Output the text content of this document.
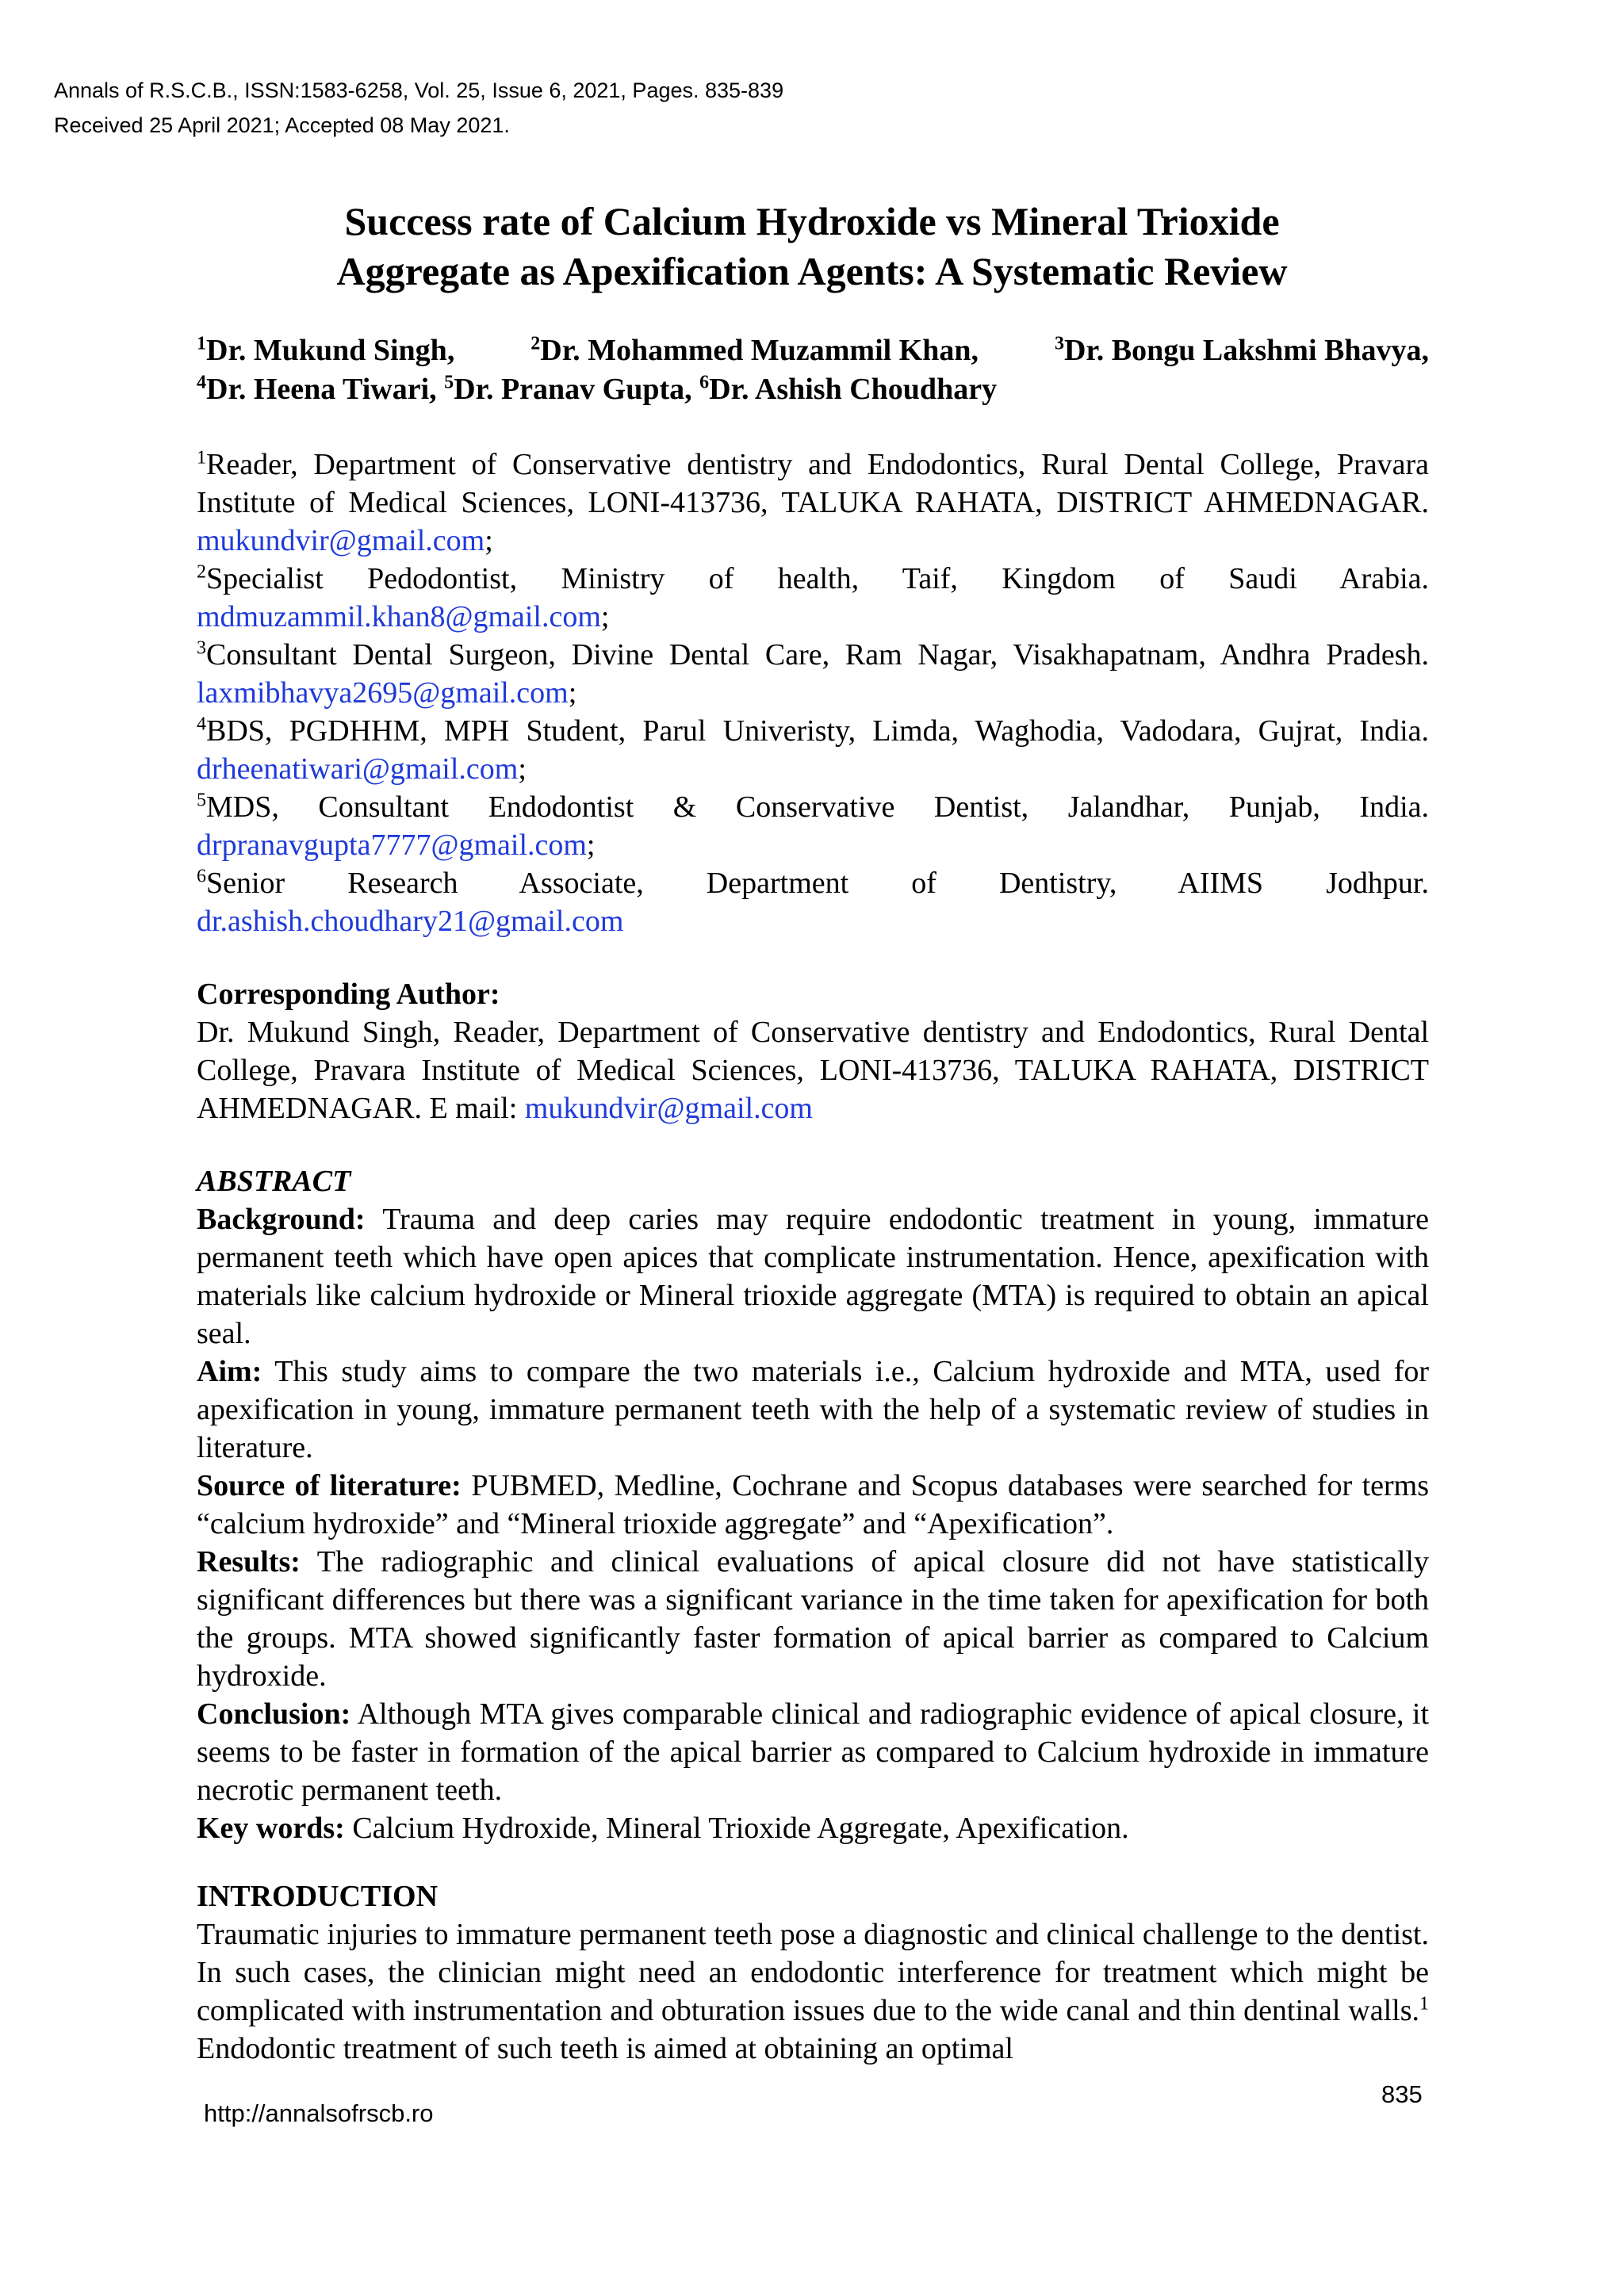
Annals of R.S.C.B., ISSN:1583-6258, Vol. 25, Issue 6, 2021, Pages. 835-839
Received 25 April 2021; Accepted 08 May 2021.
Success rate of Calcium Hydroxide vs Mineral Trioxide
Aggregate as Apexification Agents: A Systematic Review
$^1$Dr. Mukund Singh,	$^2$Dr. Mohammed Muzammil Khan,	$^3$Dr. Bongu Lakshmi Bhavya,
$^4$Dr. Heena Tiwari, $^5$Dr. Pranav Gupta, $^6$Dr. Ashish Choudhary

$^1$Reader, Department of Conservative dentistry and Endodontics, Rural Dental College, Pravara Institute of Medical Sciences, LONI-413736, TALUKA RAHATA, DISTRICT AHMEDNAGAR. mukundvir@gmail.com;

$^2$Specialist Pedodontist, Ministry of health, Taif, Kingdom of Saudi Arabia. mdmuzammil.khan8@gmail.com;

$^3$Consultant Dental Surgeon, Divine Dental Care, Ram Nagar, Visakhapatnam, Andhra Pradesh. laxmibhavya2695@gmail.com;

$^4$BDS, PGDHHM, MPH Student, Parul Univeristy, Limda, Waghodia, Vadodara, Gujrat, India. drheenatiwari@gmail.com;

$^5$MDS, Consultant Endodontist & Conservative Dentist, Jalandhar, Punjab, India. drpranavgupta7777@gmail.com;

$^6$Senior Research Associate, Department of Dentistry, AIIMS Jodhpur. dr.ashish.choudhary21@gmail.com

Corresponding Author:

Dr. Mukund Singh, Reader, Department of Conservative dentistry and Endodontics, Rural Dental College, Pravara Institute of Medical Sciences, LONI-413736, TALUKA RAHATA, DISTRICT AHMEDNAGAR. E mail: mukundvir@gmail.com

ABSTRACT

Background: Trauma and deep caries may require endodontic treatment in young, immature permanent teeth which have open apices that complicate instrumentation. Hence, apexification with materials like calcium hydroxide or Mineral trioxide aggregate (MTA) is required to obtain an apical seal.

Aim: This study aims to compare the two materials i.e., Calcium hydroxide and MTA, used for apexification in young, immature permanent teeth with the help of a systematic review of studies in literature.

Source of literature: PUBMED, Medline, Cochrane and Scopus databases were searched for terms “calcium hydroxide” and “Mineral trioxide aggregate” and “Apexification”.

Results: The radiographic and clinical evaluations of apical closure did not have statistically significant differences but there was a significant variance in the time taken for apexification for both the groups. MTA showed significantly faster formation of apical barrier as compared to Calcium hydroxide.

Conclusion: Although MTA gives comparable clinical and radiographic evidence of apical closure, it seems to be faster in formation of the apical barrier as compared to Calcium hydroxide in immature necrotic permanent teeth.

Key words: Calcium Hydroxide, Mineral Trioxide Aggregate, Apexification.

INTRODUCTION

Traumatic injuries to immature permanent teeth pose a diagnostic and clinical challenge to the dentist. In such cases, the clinician might need an endodontic interference for treatment which might be complicated with instrumentation and obturation issues due to the wide canal and thin dentinal walls.$^1$ Endodontic treatment of such teeth is aimed at obtaining an optimal

http://annalsofrscb.ro
835
